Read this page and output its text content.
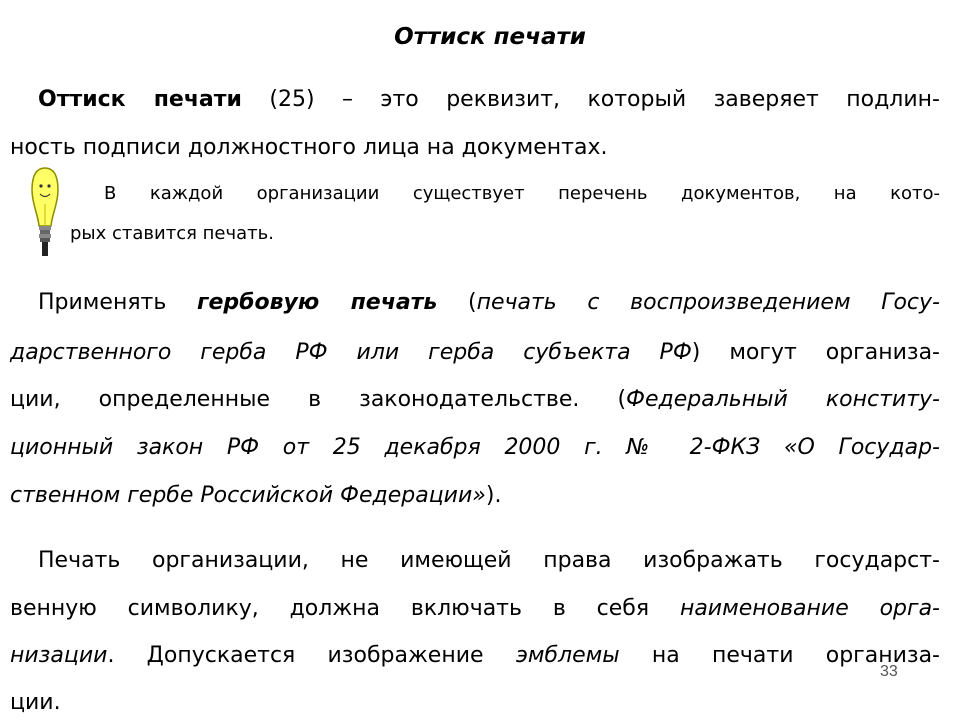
Оттиск печати
Оттиск печати (25) – это реквизит, который заверяет подлин-
ность подписи должностного лица на документах.
В каждой организации существует перечень документов, на кото-
рых ставится печать.
Применять гербовую печать (печать с воспроизведением Госу-
дарственного герба РФ или герба субъекта РФ) могут организа-
ции, определенные в законодательстве. (Федеральный конститу-
ционный закон РФ от 25 декабря 2000 г. № 2-ФКЗ «О Государ-
ственном гербе Российской Федерации»).
Печать организации, не имеющей права изображать государст-
венную символику, должна включать в себя наименование орга-
низации. Допускается изображение эмблемы на печати организа-
ции.
33
